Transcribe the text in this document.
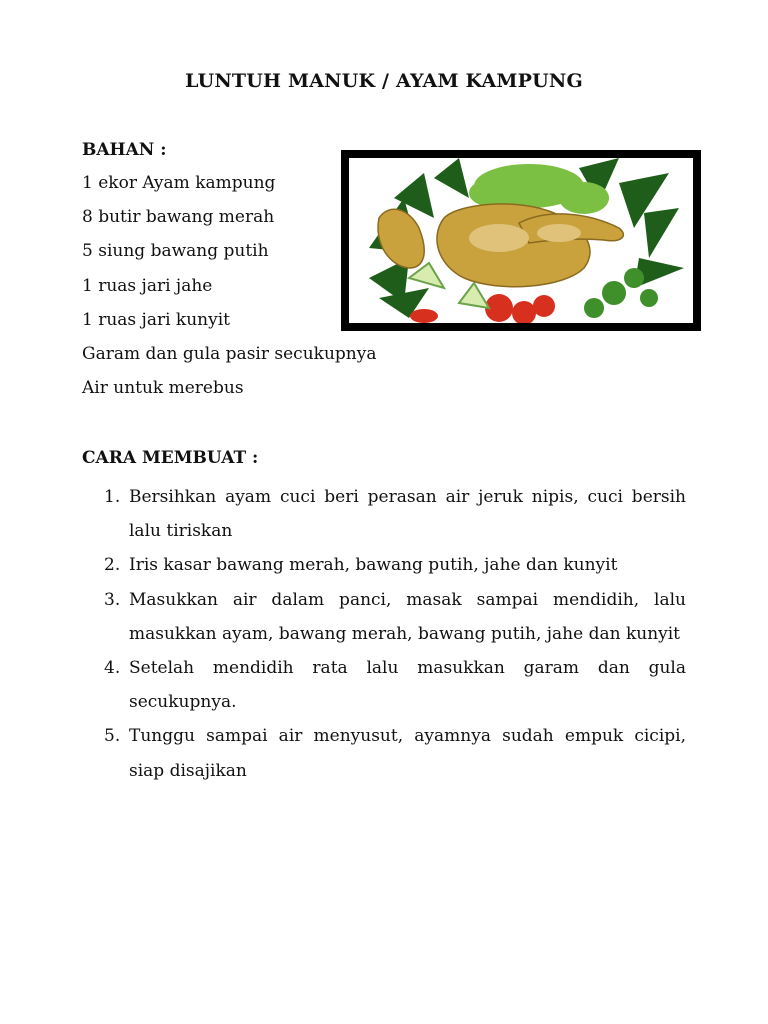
LUNTUH MANUK / AYAM KAMPUNG
BAHAN :
1 ekor Ayam kampung
8 butir bawang merah
5 siung bawang putih
1 ruas jari jahe
1 ruas jari kunyit
Garam dan gula pasir secukupnya
Air untuk merebus
CARA MEMBUAT :
1. Bersihkan ayam cuci beri perasan air jeruk nipis, cuci bersih lalu tiriskan
2. Iris kasar bawang merah, bawang putih, jahe dan kunyit
3. Masukkan air dalam panci, masak sampai mendidih, lalu masukkan ayam, bawang merah, bawang putih, jahe dan kunyit
4. Setelah mendidih rata lalu masukkan garam dan gula secukupnya.
5. Tunggu sampai air menyusut, ayamnya sudah empuk cicipi, siap disajikan
